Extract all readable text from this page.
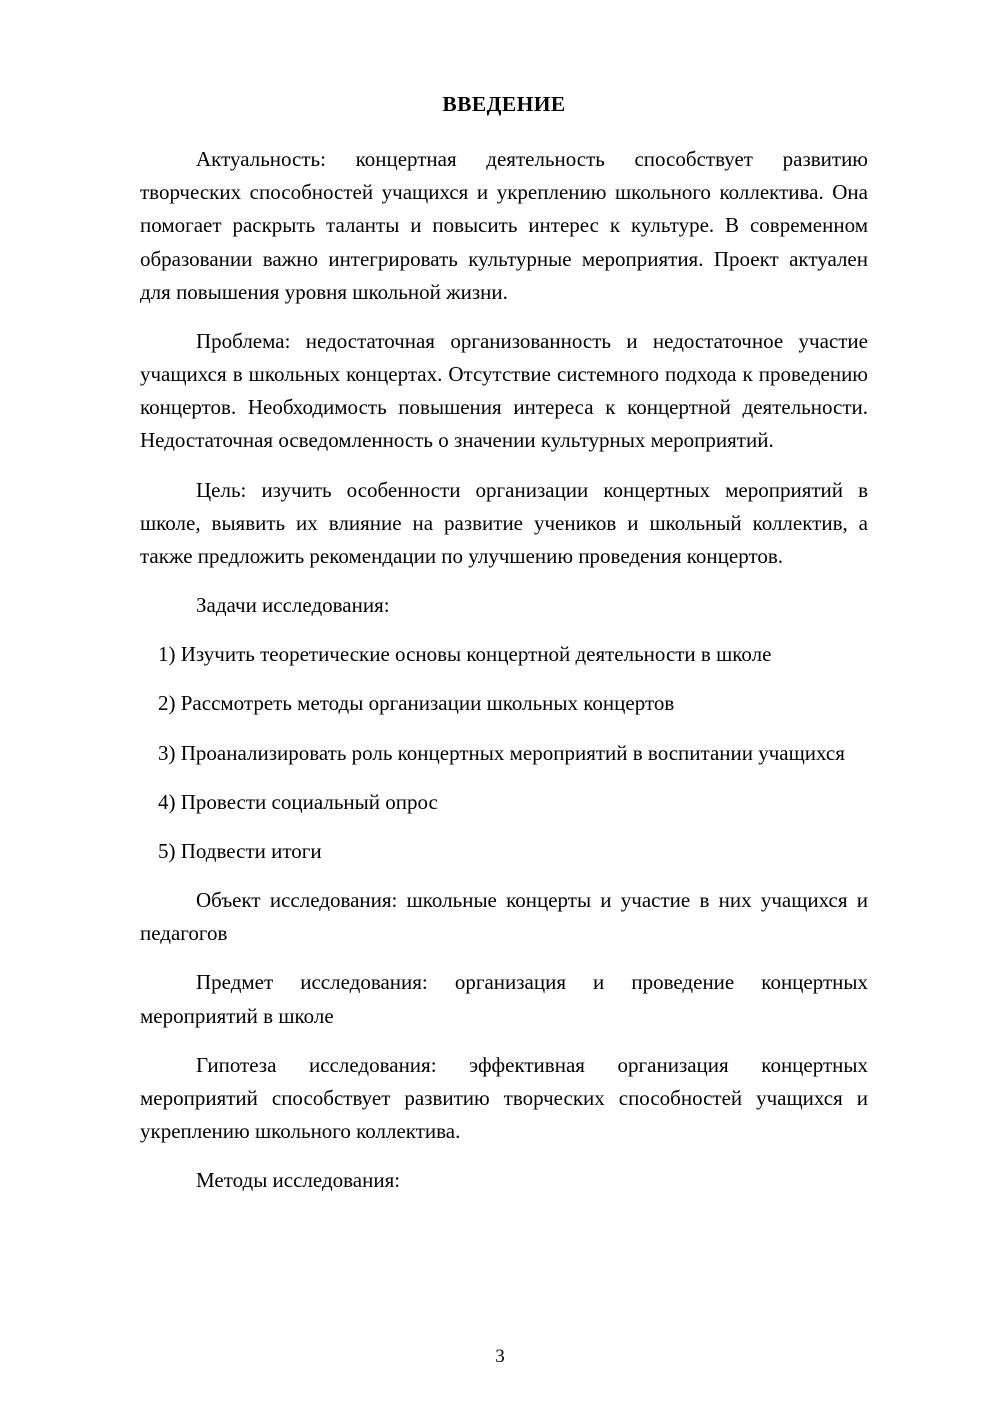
ВВЕДЕНИЕ

Актуальность: концертная деятельность способствует развитию творческих способностей учащихся и укреплению школьного коллектива. Она помогает раскрыть таланты и повысить интерес к культуре. В современном образовании важно интегрировать культурные мероприятия. Проект актуален для повышения уровня школьной жизни.

Проблема: недостаточная организованность и недостаточное участие учащихся в школьных концертах. Отсутствие системного подхода к проведению концертов. Необходимость повышения интереса к концертной деятельности. Недостаточная осведомленность о значении культурных мероприятий.

Цель: изучить особенности организации концертных мероприятий в школе, выявить их влияние на развитие учеников и школьный коллектив, а также предложить рекомендации по улучшению проведения концертов.

Задачи исследования:

1) Изучить теоретические основы концертной деятельности в школе

2) Рассмотреть методы организации школьных концертов

3) Проанализировать роль концертных мероприятий в воспитании учащихся

4) Провести социальный опрос

5) Подвести итоги

Объект исследования: школьные концерты и участие в них учащихся и педагогов

Предмет исследования: организация и проведение концертных мероприятий в школе

Гипотеза исследования: эффективная организация концертных мероприятий способствует развитию творческих способностей учащихся и укреплению школьного коллектива.

Методы исследования:

3
